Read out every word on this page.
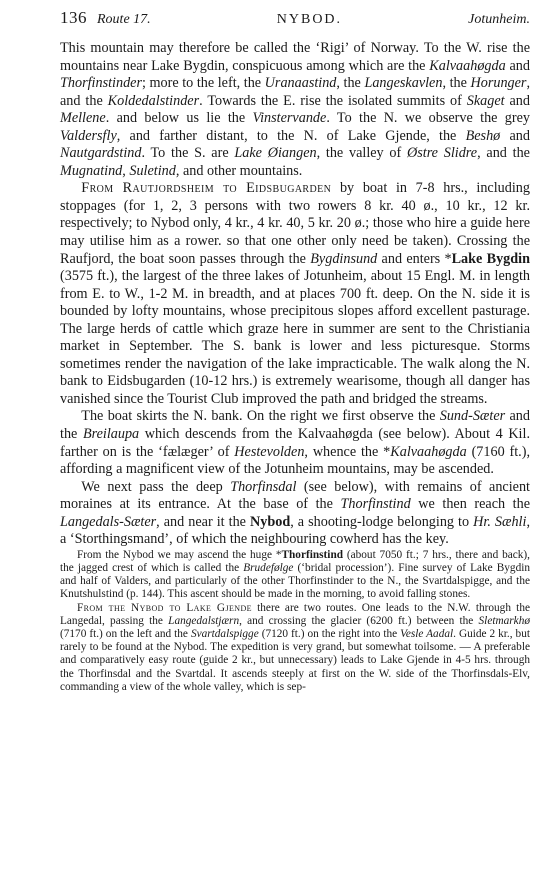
136 Route 17.	NYBOD.	Jotunheim.

This mountain may therefore be called the ‘Rigi’ of Norway. To the W. rise the mountains near Lake Bygdin, conspicuous among which are the Kalvaahøgda and Thorfinstinder; more to the left, the Uranaastind, the Langeskavlen, the Horunger, and the Koldedalstinder. Towards the E. rise the isolated summits of Skaget and Mellene. and below us lie the Vinstervande. To the N. we observe the grey Valdersfly, and farther distant, to the N. of Lake Gjende, the Beshø and Nautgardstind. To the S. are Lake Øiangen, the valley of Østre Slidre, and the Mugnatind, Suletind, and other mountains.

From Rautjordsheim to Eidsbugarden by boat in 7-8 hrs., including stoppages (for 1, 2, 3 persons with two rowers 8 kr. 40 ø., 10 kr., 12 kr. respectively; to Nybod only, 4 kr., 4 kr. 40, 5 kr. 20 ø.; those who hire a guide here may utilise him as a rower. so that one other only need be taken). Crossing the Raufjord, the boat soon passes through the Bygdinsund and enters *Lake Bygdin (3575 ft.), the largest of the three lakes of Jotunheim, about 15 Engl. M. in length from E. to W., 1-2 M. in breadth, and at places 700 ft. deep. On the N. side it is bounded by lofty mountains, whose precipitous slopes afford excellent pasturage. The large herds of cattle which graze here in summer are sent to the Christiania market in September. The S. bank is lower and less picturesque. Storms sometimes render the navigation of the lake impracticable. The walk along the N. bank to Eidsbugarden (10-12 hrs.) is extremely wearisome, though all danger has vanished since the Tourist Club improved the path and bridged the streams.

The boat skirts the N. bank. On the right we first observe the Sund-Sæter and the Breilaupa which descends from the Kalvaahøgda (see below). About 4 Kil. farther on is the ‘fælæger’ of Hestevolden, whence the *Kalvaahøgda (7160 ft.), affording a magnificent view of the Jotunheim mountains, may be ascended.

We next pass the deep Thorfinsdal (see below), with remains of ancient moraines at its entrance. At the base of the Thorfinstind we then reach the Langedals-Sæter, and near it the Nybod, a shooting-lodge belonging to Hr. Sæhli, a ‘Storthingsmand’, of which the neighbouring cowherd has the key.

From the Nybod we may ascend the huge *Thorfinstind (about 7050 ft.; 7 hrs., there and back), the jagged crest of which is called the Brudefølge (‘bridal procession’). Fine survey of Lake Bygdin and half of Valders, and particularly of the other Thorfinstinder to the N., the Svartdalspigge, and the Knutshulstind (p. 144). This ascent should be made in the morning, to avoid falling stones.

From the Nybod to Lake Gjende there are two routes. One leads to the N.W. through the Langedal, passing the Langedalstjærn, and crossing the glacier (6200 ft.) between the Sletmarkhø (7170 ft.) on the left and the Svartdalspigge (7120 ft.) on the right into the Vesle Aadal. Guide 2 kr., but rarely to be found at the Nybod. The expedition is very grand, but somewhat toilsome. — A preferable and comparatively easy route (guide 2 kr., but unnecessary) leads to Lake Gjende in 4-5 hrs. through the Thorfinsdal and the Svartdal. It ascends steeply at first on the W. side of the Thorfinsdals-Elv, commanding a view of the whole valley, which is sep-
